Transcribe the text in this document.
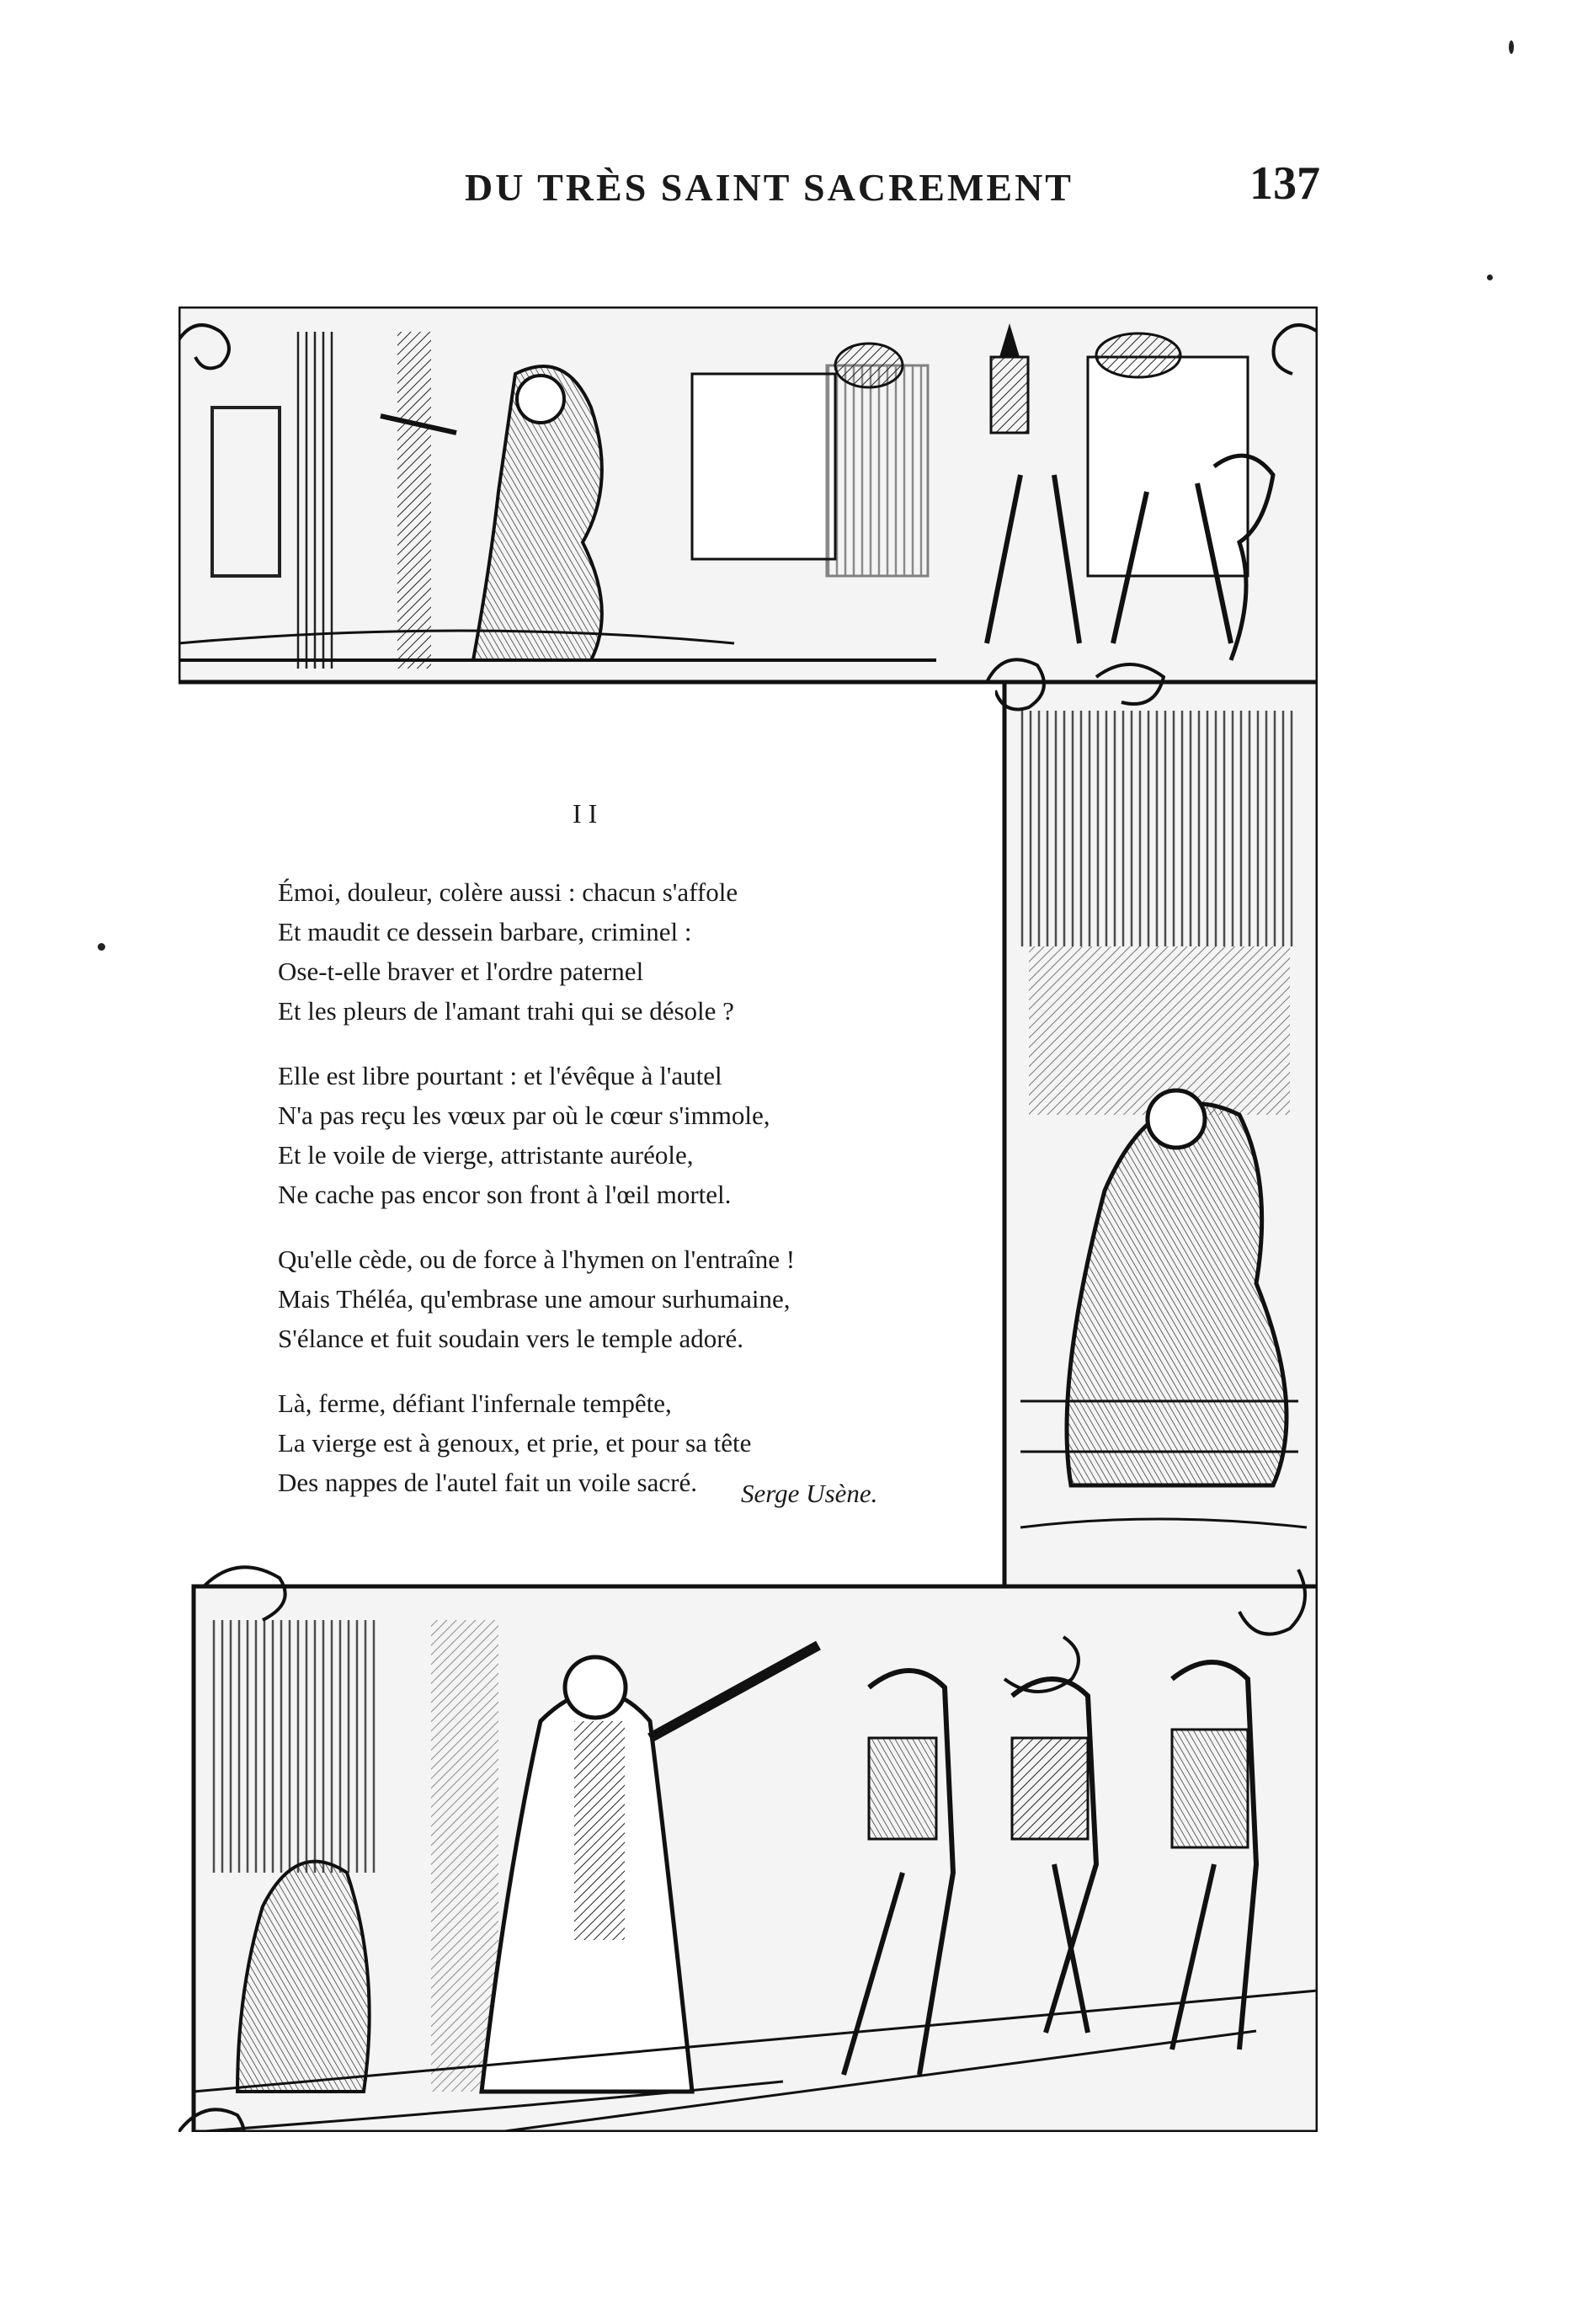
DU TRÈS SAINT SACREMENT	137
II
Émoi, douleur, colère aussi : chacun s'affole
Et maudit ce dessein barbare, criminel :
Ose-t-elle braver et l'ordre paternel
Et les pleurs de l'amant trahi qui se désole ?
Elle est libre pourtant : et l'évêque à l'autel
N'a pas reçu les vœux par où le cœur s'immole,
Et le voile de vierge, attristante auréole,
Ne cache pas encor son front à l'œil mortel.
Qu'elle cède, ou de force à l'hymen on l'entraîne !
Mais Théléa, qu'embrase une amour surhumaine,
S'élance et fuit soudain vers le temple adoré.
Là, ferme, défiant l'infernale tempête,
La vierge est à genoux, et prie, et pour sa tête
Des nappes de l'autel fait un voile sacré.	Serge Usène.
